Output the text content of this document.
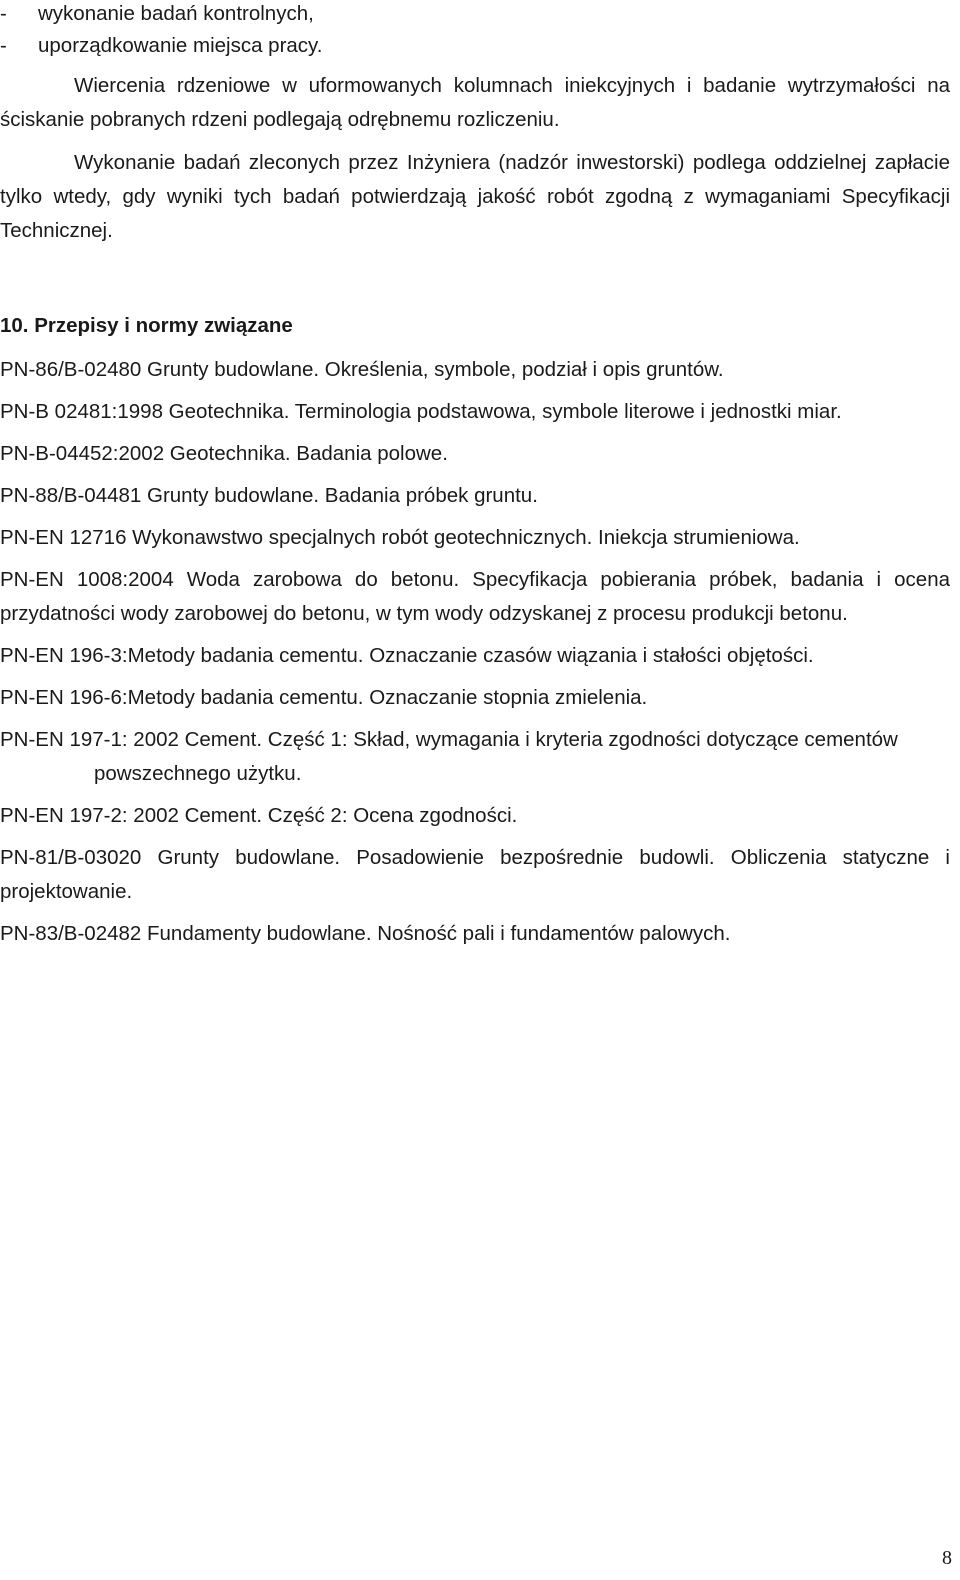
- wykonanie badań kontrolnych,
- uporządkowanie miejsca pracy.

Wiercenia rdzeniowe w uformowanych kolumnach iniekcyjnych i badanie wytrzymałości na ściskanie pobranych rdzeni podlegają odrębnemu rozliczeniu.

Wykonanie badań zleconych przez Inżyniera (nadzór inwestorski) podlega oddzielnej zapłacie tylko wtedy, gdy wyniki tych badań potwierdzają jakość robót zgodną z wymaganiami Specyfikacji Technicznej.

10. Przepisy i normy związane

PN-86/B-02480 Grunty budowlane. Określenia, symbole, podział i opis gruntów.

PN-B 02481:1998 Geotechnika. Terminologia podstawowa, symbole literowe i jednostki miar.

PN-B-04452:2002 Geotechnika. Badania polowe.

PN-88/B-04481 Grunty budowlane. Badania próbek gruntu.

PN-EN 12716 Wykonawstwo specjalnych robót geotechnicznych. Iniekcja strumieniowa.

PN-EN 1008:2004 Woda zarobowa do betonu. Specyfikacja pobierania próbek, badania i ocena przydatności wody zarobowej do betonu, w tym wody odzyskanej z procesu produkcji betonu.

PN-EN 196-3:Metody badania cementu. Oznaczanie czasów wiązania i stałości objętości.

PN-EN 196-6:Metody badania cementu. Oznaczanie stopnia zmielenia.

PN-EN 197-1: 2002 Cement. Część 1: Skład, wymagania i kryteria zgodności dotyczące cementów powszechnego użytku.

PN-EN 197-2: 2002 Cement. Część 2: Ocena zgodności.

PN-81/B-03020 Grunty budowlane. Posadowienie bezpośrednie budowli. Obliczenia statyczne i projektowanie.

PN-83/B-02482 Fundamenty budowlane. Nośność pali i fundamentów palowych.

8
